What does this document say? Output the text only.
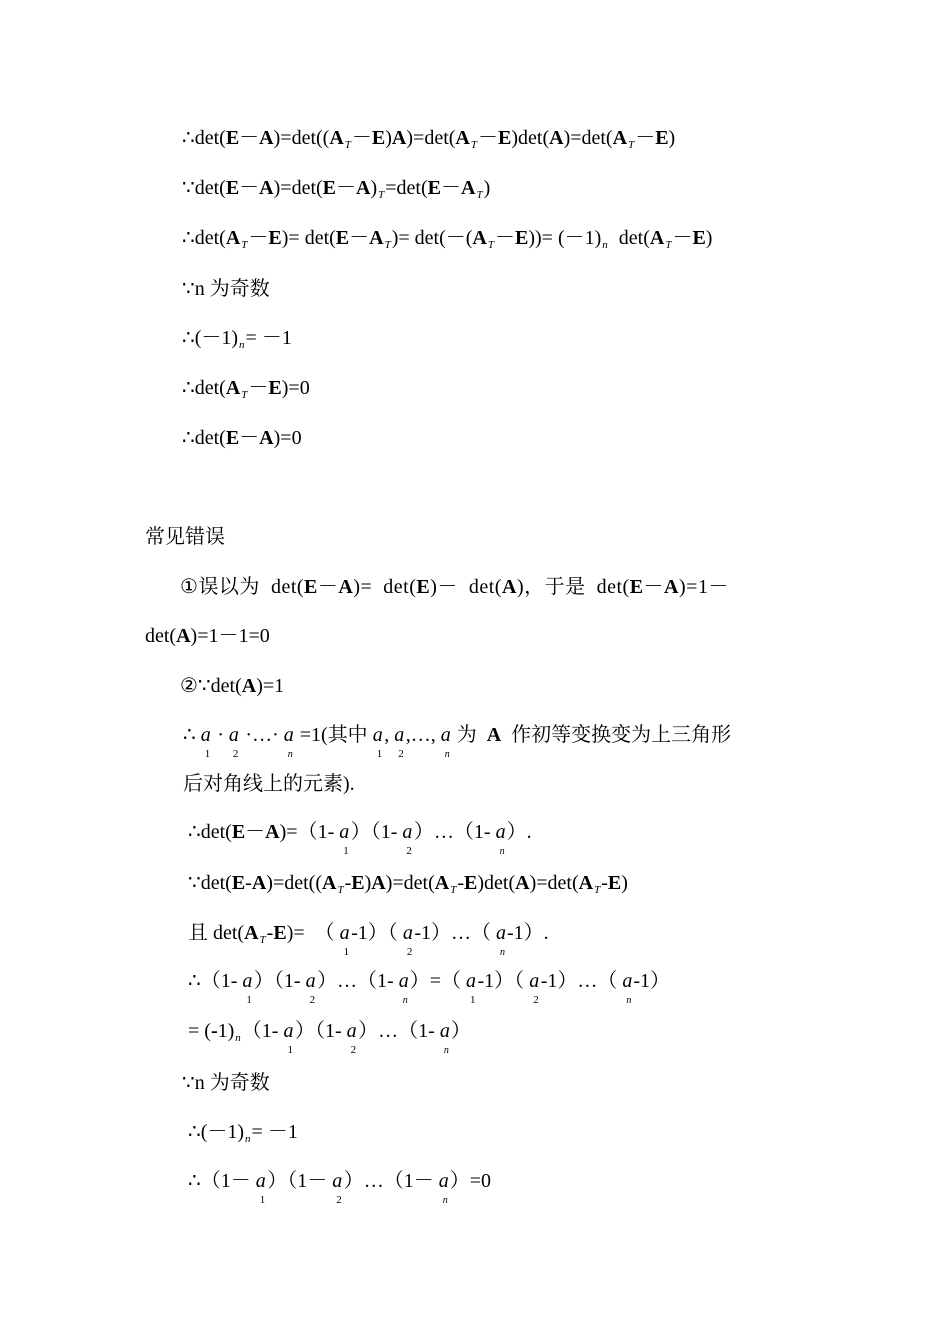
$\therefore\det(E-A)=\det((A_T-E)A)=\det(A_T-E)\det(A)=\det(A_T-E)$
$\because\det(E-A)=\det(E-A)_T=\det(E-A_T)$
$\therefore\det(A_T-E)= \det(E-A_T)= \det(-(A_T-E))= (-1)_n$  $\det(A_T-E)$
∵n 为奇数
$\therefore(-1)_n= -1$
$\therefore\det(A_T-E)=0$
∴det(E－A)=0
常见错误
①误以为  det(E－A)=  det(E)－  det(A)，于是  det(E－A)=1－
det(A)=1－1=0
②∵det(A)=1
∴ $a_1 \cdot a_2$ ·…· $a_n =1$(其中 $a_1$, $a_2,\dots$, $a_n$ 为 A 作初等变换变为上三角形
后对角线上的元素).
∴det(E－A)=（1- $a_1)(1-$ $a_2)\dots(1-$ $a_n$）.
$\because\det(E-A)=\det((A_T-E)A)=\det(A_T-E)\det(A)=\det(A_T-E)$
且 $\det(A_T-E)=$  （ $a_1-1$）（ $a_2-1)\dots$（ $a_n-1$）.
∴（1- $a_1)(1-$ $a_2)\dots(1-$ $a_n)=$（ $a_1-1$）（ $a_2-1)\dots$（ $a_n-1$）
= $(-1)_n(1-$ $a_1)(1-$ $a_2)\dots(1-$ $a_n$）
∵n 为奇数
$\therefore(-1)_n= -1$
∴（1－ $a_1)(1-$ $a_2)\dots(1- a_n)=0$
